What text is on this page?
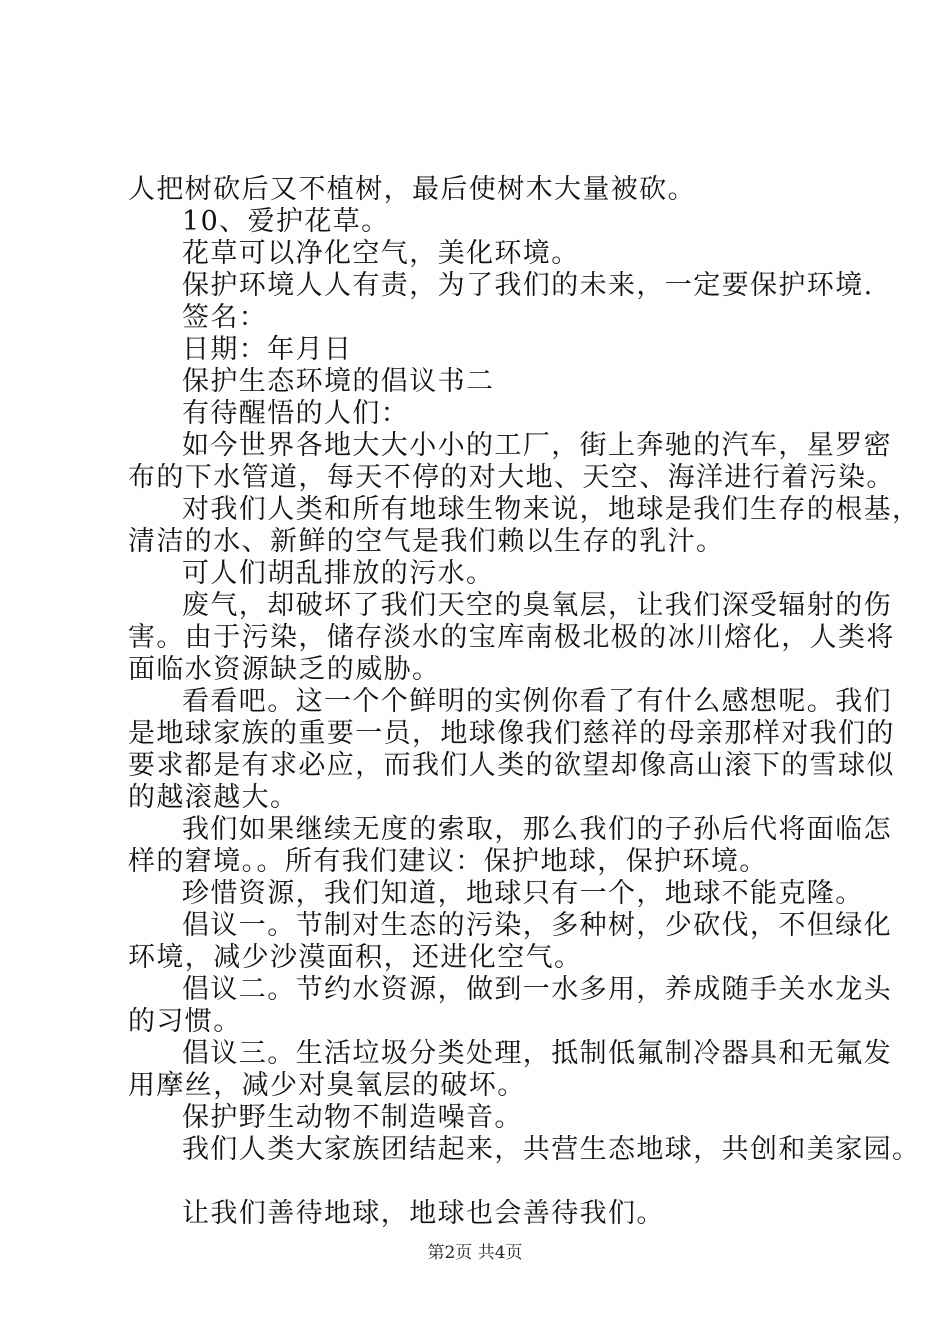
人把树砍后又不植树，最后使树木大量被砍。
10、爱护花草。
花草可以净化空气，美化环境。
保护环境人人有责，为了我们的未来，一定要保护环境.
签名：
日期：年月日
保护生态环境的倡议书二
有待醒悟的人们：
如今世界各地大大小小的工厂，街上奔驰的汽车，星罗密
布的下水管道，每天不停的对大地、天空、海洋进行着污染。
对我们人类和所有地球生物来说，地球是我们生存的根基，
清洁的水、新鲜的空气是我们赖以生存的乳汁。
可人们胡乱排放的污水。
废气，却破坏了我们天空的臭氧层，让我们深受辐射的伤
害。由于污染，储存淡水的宝库南极北极的冰川熔化，人类将
面临水资源缺乏的威胁。
看看吧。这一个个鲜明的实例你看了有什么感想呢。我们
是地球家族的重要一员，地球像我们慈祥的母亲那样对我们的
要求都是有求必应，而我们人类的欲望却像高山滚下的雪球似
的越滚越大。
我们如果继续无度的索取，那么我们的子孙后代将面临怎
样的窘境。。所有我们建议：保护地球，保护环境。
珍惜资源，我们知道，地球只有一个，地球不能克隆。
倡议一。节制对生态的污染，多种树，少砍伐，不但绿化
环境，减少沙漠面积，还进化空气。
倡议二。节约水资源，做到一水多用，养成随手关水龙头
的习惯。
倡议三。生活垃圾分类处理，抵制低氟制冷器具和无氟发
用摩丝，减少对臭氧层的破坏。
保护野生动物不制造噪音。
我们人类大家族团结起来，共营生态地球，共创和美家园。
让我们善待地球，地球也会善待我们。
第2页 共4页
